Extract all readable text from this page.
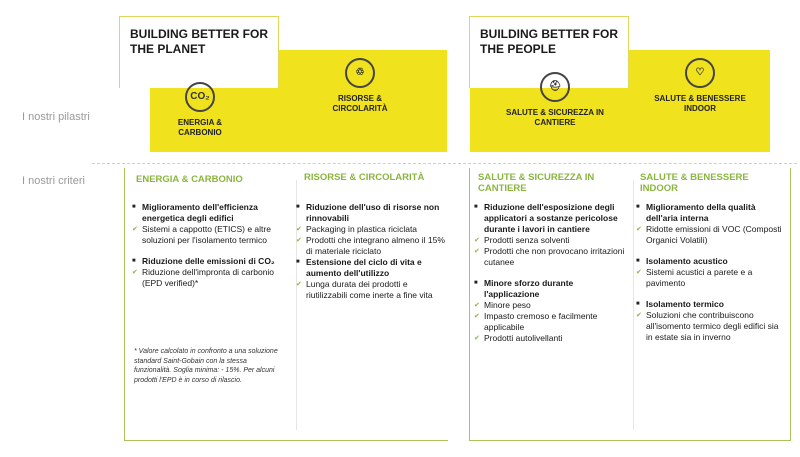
I nostri pilastri
I nostri criteri
BUILDING BETTER FOR THE PLANET
BUILDING BETTER FOR THE PEOPLE
CO₂
ENERGIA & CARBONIO
♲
RISORSE & CIRCOLARITÀ
⛑
SALUTE & SICUREZZA IN CANTIERE
♡
SALUTE & BENESSERE INDOOR
ENERGIA & CARBONIO
■ Miglioramento dell'efficienza energetica degli edifici
✔ Sistemi a cappotto (ETICS) e altre soluzioni per l'isolamento termico
■ Riduzione delle emissioni di CO₂
✔ Riduzione dell'impronta di carbonio (EPD verified)*
* Valore calcolato in confronto a una soluzione standard Saint-Gobain con la stessa funzionalità. Soglia minima: - 15%. Per alcuni prodotti l'EPD è in corso di rilascio.
RISORSE & CIRCOLARITÀ
■ Riduzione dell'uso di risorse non rinnovabili
✔ Packaging in plastica riciclata
✔ Prodotti che integrano almeno il 15% di materiale riciclato
■ Estensione del ciclo di vita e aumento dell'utilizzo
✔ Lunga durata dei prodotti e riutilizzabili come inerte a fine vita
SALUTE & SICUREZZA IN CANTIERE
■ Riduzione dell'esposizione degli applicatori a sostanze pericolose durante i lavori in cantiere
✔ Prodotti senza solventi
✔ Prodotti che non provocano irritazioni cutanee
■ Minore sforzo durante l'applicazione
✔ Minore peso
✔ Impasto cremoso e facilmente applicabile
✔ Prodotti autolivellanti
SALUTE & BENESSERE INDOOR
■ Miglioramento della qualità dell'aria interna
✔ Ridotte emissioni di VOC (Composti Organici Volatili)
■ Isolamento acustico
✔ Sistemi acustici a parete e a pavimento
■ Isolamento termico
✔ Soluzioni che contribuiscono all'isomento termico degli edifici sia in estate sia in inverno
